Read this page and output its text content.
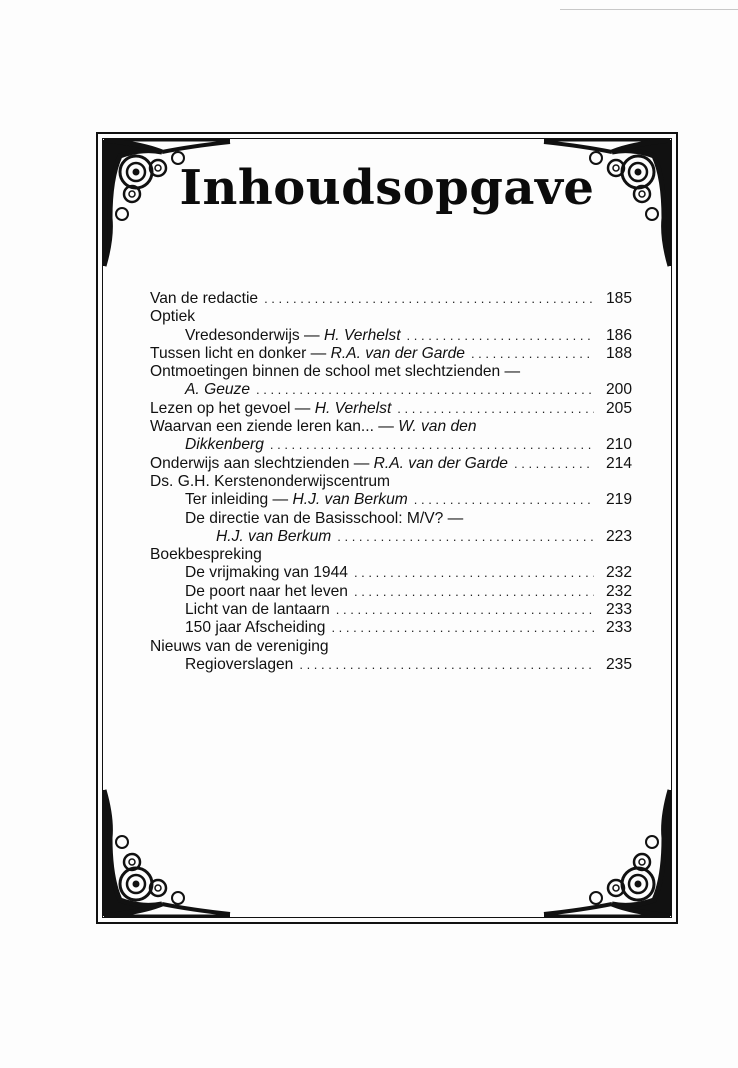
Inhoudsopgave
Van de redactie . . .	185
Optiek
Vredesonderwijs — H. Verhelst . . .	186
Tussen licht en donker — R.A. van der Garde . . .	188
Ontmoetingen binnen de school met slechtzienden —
A. Geuze . . .	200
Lezen op het gevoel — H. Verhelst . . .	205
Waarvan een ziende leren kan... — W. van den
Dikkenberg . . .	210
Onderwijs aan slechtzienden — R.A. van der Garde . . .	214
Ds. G.H. Kerstenonderwijscentrum
Ter inleiding — H.J. van Berkum . . .	219
De directie van de Basisschool: M/V? —
H.J. van Berkum . . .	223
Boekbespreking
De vrijmaking van 1944 . . .	232
De poort naar het leven . . .	232
Licht van de lantaarn . . .	233
150 jaar Afscheiding . . .	233
Nieuws van de vereniging
Regioverslagen . . .	235
